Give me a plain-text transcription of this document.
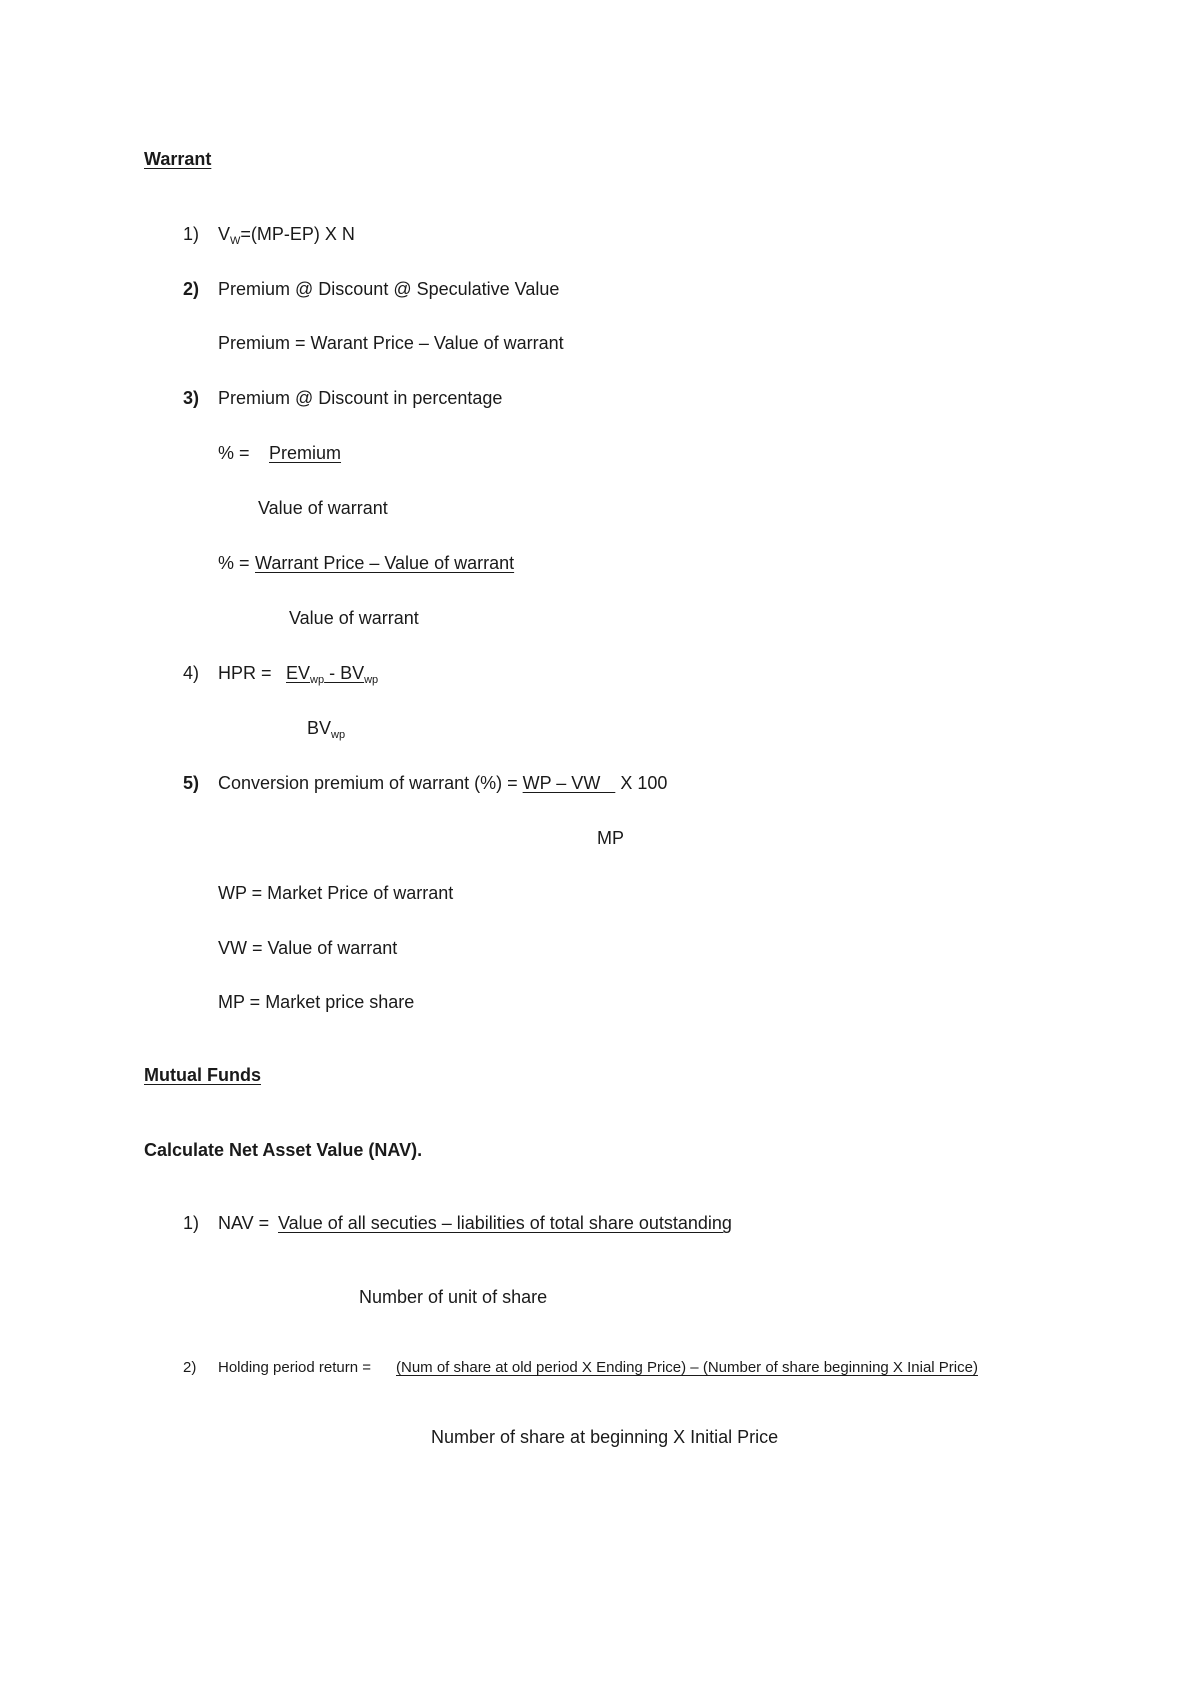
Warrant
1) $V_W=(MP-EP)$ X N
2) Premium @ Discount @ Speculative Value
Premium = Warant Price – Value of warrant
3) Premium @ Discount in percentage
% = Premium
Value of warrant
% = Warrant Price – Value of warrant
Value of warrant
4) HPR = $EV_{wp} - BV_{wp}$
$BV_{wp}$
5) Conversion premium of warrant (%) = WP – VW    X 100
MP
WP = Market Price of warrant
VW = Value of warrant
MP = Market price share
Mutual Funds
Calculate Net Asset Value (NAV).
1) NAV = Value of all secuties – liabilities of total share outstanding
Number of unit of share
2) Holding period return = (Num of share at old period X Ending Price) – (Number of share beginning X Inial Price)
Number of share at beginning X Initial Price
